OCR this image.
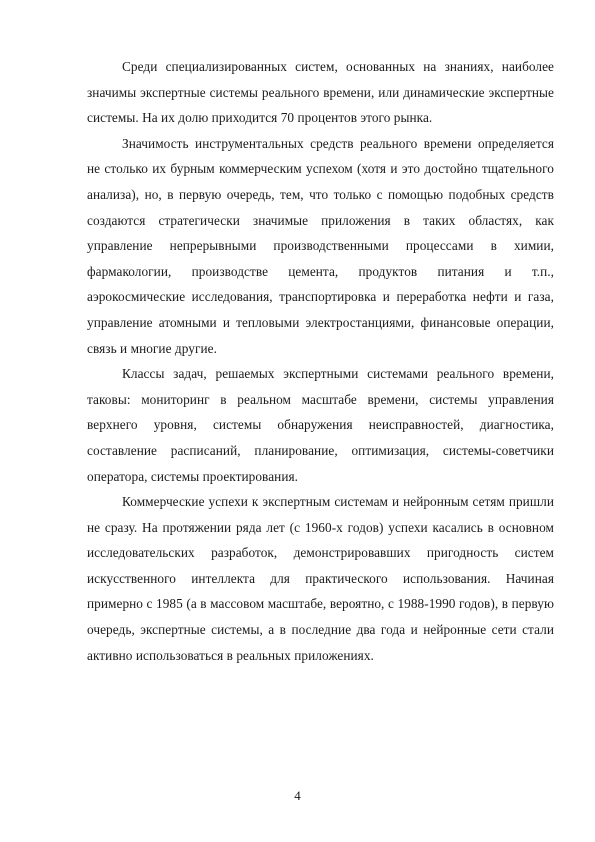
Среди специализированных систем, основанных на знаниях, наиболее значимы экспертные системы реального времени, или динамические экспертные системы. На их долю приходится 70 процентов этого рынка.

Значимость инструментальных средств реального времени определяется не столько их бурным коммерческим успехом (хотя и это достойно тщательного анализа), но, в первую очередь, тем, что только с помощью подобных средств создаются стратегически значимые приложения в таких областях, как управление непрерывными производственными процессами в химии, фармакологии, производстве цемента, продуктов питания и т.п., аэрокосмические исследования, транспортировка и переработка нефти и газа, управление атомными и тепловыми электростанциями, финансовые операции, связь и многие другие.

Классы задач, решаемых экспертными системами реального времени, таковы: мониторинг в реальном масштабе времени, системы управления верхнего уровня, системы обнаружения неисправностей, диагностика, составление расписаний, планирование, оптимизация, системы-советчики оператора, системы проектирования.

Коммерческие успехи к экспертным системам и нейронным сетям пришли не сразу. На протяжении ряда лет (с 1960-х годов) успехи касались в основном исследовательских разработок, демонстрировавших пригодность систем искусственного интеллекта для практического использования. Начиная примерно с 1985 (а в массовом масштабе, вероятно, с 1988-1990 годов), в первую очередь, экспертные системы, а в последние два года и нейронные сети стали активно использоваться в реальных приложениях.

4
